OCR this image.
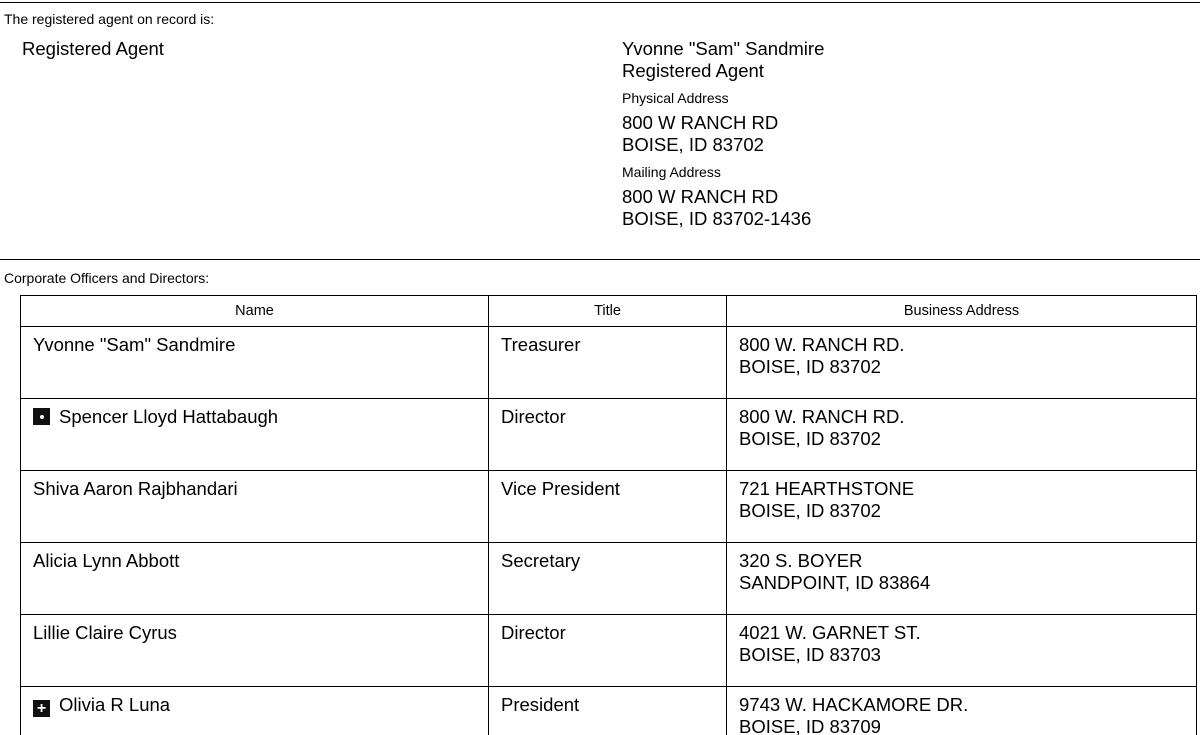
The registered agent on record is:
Registered Agent	Yvonne "Sam" Sandmire
Registered Agent
Physical Address
800 W RANCH RD
BOISE, ID 83702
Mailing Address
800 W RANCH RD
BOISE, ID 83702-1436
Corporate Officers and Directors:
Name	Title	Business Address
Yvonne "Sam" Sandmire	Treasurer	800 W. RANCH RD.
BOISE, ID 83702

Spencer Lloyd Hattabaugh	Director	800 W. RANCH RD.
BOISE, ID 83702

Shiva Aaron Rajbhandari	Vice President	721 HEARTHSTONE
BOISE, ID 83702

Alicia Lynn Abbott	Secretary	320 S. BOYER
SANDPOINT, ID 83864

Lillie Claire Cyrus	Director	4021 W. GARNET ST.
BOISE, ID 83703

+ Olivia R Luna	President	9743 W. HACKAMORE DR.
BOISE, ID 83709
